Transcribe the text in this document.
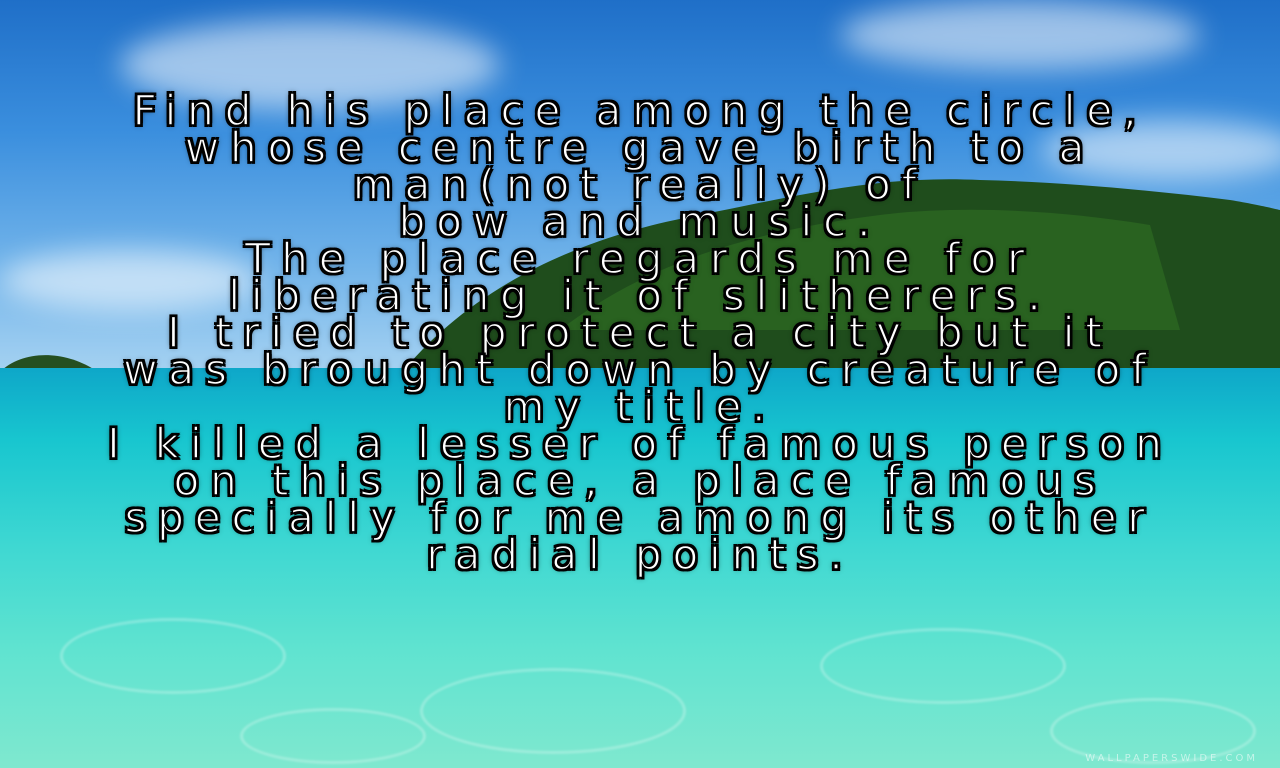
Find his place among the circle,
whose centre gave birth to a
man(not really) of
bow and music.
The place regards me for
liberating it of slitherers.
I tried to protect a city but it
was brought down by creature of
my title.
I killed a lesser of famous person
on this place, a place famous
specially for me among its other
radial points.
WALLPAPERSWIDE.COM
